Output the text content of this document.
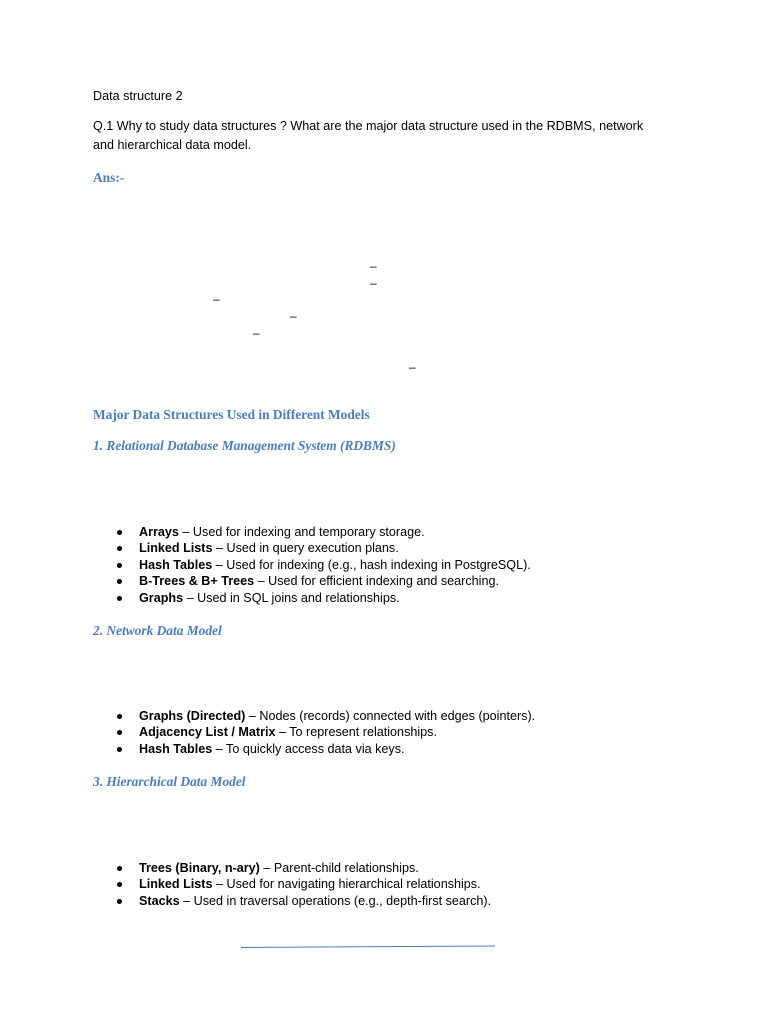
Data structure 2
Q.1 Why to study data structures ? What are the major data structure used in the RDBMS, network
and hierarchical data model.
Ans:-
–
–
–
–
–
–
Major Data Structures Used in Different Models
1. Relational Database Management System (RDBMS)
Arrays – Used for indexing and temporary storage.
Linked Lists – Used in query execution plans.
Hash Tables – Used for indexing (e.g., hash indexing in PostgreSQL).
B-Trees & B+ Trees – Used for efficient indexing and searching.
Graphs – Used in SQL joins and relationships.
2. Network Data Model
Graphs (Directed) – Nodes (records) connected with edges (pointers).
Adjacency List / Matrix – To represent relationships.
Hash Tables – To quickly access data via keys.
3. Hierarchical Data Model
Trees (Binary, n-ary) – Parent-child relationships.
Linked Lists – Used for navigating hierarchical relationships.
Stacks – Used in traversal operations (e.g., depth-first search).
